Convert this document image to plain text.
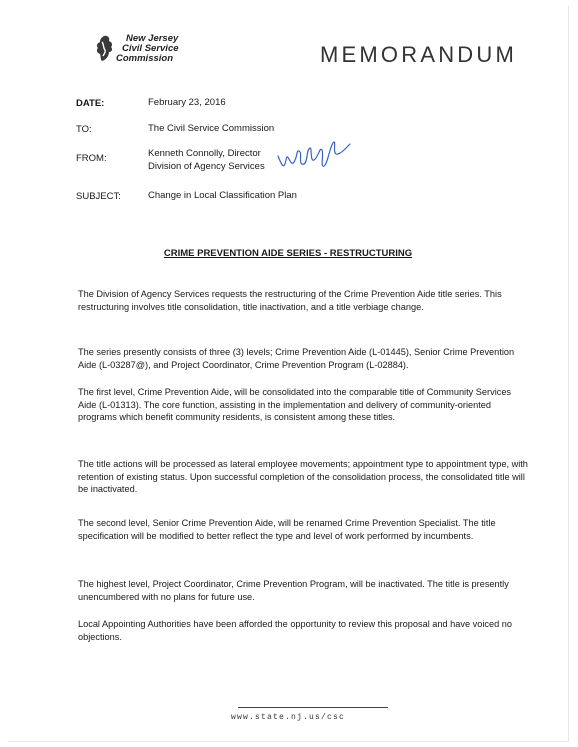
New Jersey
Civil Service
Commission	MEMORANDUM
DATE:	February 23, 2016
TO:	The Civil Service Commission
FROM:	Kenneth Connolly, Director
Division of Agency Services
SUBJECT:	Change in Local Classification Plan
CRIME PREVENTION AIDE SERIES - RESTRUCTURING
The Division of Agency Services requests the restructuring of the Crime Prevention Aide title series. This restructuring involves title consolidation, title inactivation, and a title verbiage change.
The series presently consists of three (3) levels; Crime Prevention Aide (L-01445), Senior Crime Prevention Aide (L-03287@), and Project Coordinator, Crime Prevention Program (L-02884).
The first level, Crime Prevention Aide, will be consolidated into the comparable title of Community Services Aide (L-01313). The core function, assisting in the implementation and delivery of community-oriented programs which benefit community residents, is consistent among these titles.
The title actions will be processed as lateral employee movements; appointment type to appointment type, with retention of existing status. Upon successful completion of the consolidation process, the consolidated title will be inactivated.
The second level, Senior Crime Prevention Aide, will be renamed Crime Prevention Specialist. The title specification will be modified to better reflect the type and level of work performed by incumbents.
The highest level, Project Coordinator, Crime Prevention Program, will be inactivated. The title is presently unencumbered with no plans for future use.
Local Appointing Authorities have been afforded the opportunity to review this proposal and have voiced no objections.
www.state.nj.us/csc
